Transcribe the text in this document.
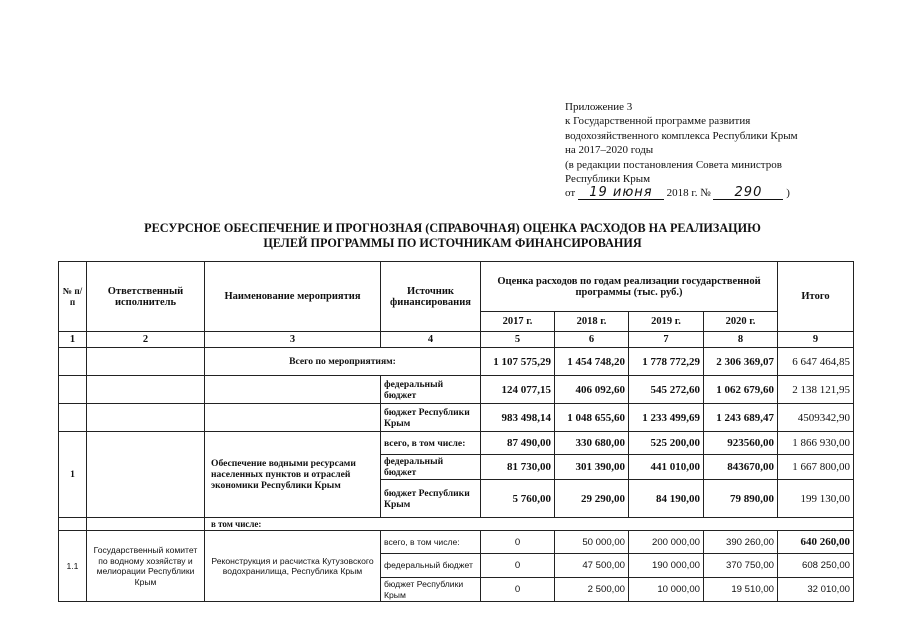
Приложение 3
к Государственной программе развития
водохозяйственного комплекса Республики Крым
на 2017–2020 годы
(в редакции постановления Совета министров
Республики Крым
от 19 июня 2018 г. № 290 )
РЕСУРСНОЕ ОБЕСПЕЧЕНИЕ И ПРОГНОЗНАЯ (СПРАВОЧНАЯ) ОЦЕНКА РАСХОДОВ НА РЕАЛИЗАЦИЮ
ЦЕЛЕЙ ПРОГРАММЫ ПО ИСТОЧНИКАМ ФИНАНСИРОВАНИЯ
№ п/п	Ответственный исполнитель	Наименование мероприятия	Источник финансирования	Оценка расходов по годам реализации государственной программы (тыс. руб.)				Итого
				2017 г.	2018 г.	2019 г.	2020 г.	
1	2	3	4	5	6	7	8	9
		Всего по мероприятиям:		1 107 575,29	1 454 748,20	1 778 772,29	2 306 369,07	6 647 464,85
			федеральный бюджет	124 077,15	406 092,60	545 272,60	1 062 679,60	2 138 121,95
			бюджет Республики Крым	983 498,14	1 048 655,60	1 233 499,69	1 243 689,47	4509342,90
1		Обеспечение водными ресурсами населенных пунктов и отраслей экономики Республики Крым	всего, в том числе:	87 490,00	330 680,00	525 200,00	923560,00	1 866 930,00
			федеральный бюджет	81 730,00	301 390,00	441 010,00	843670,00	1 667 800,00
			бюджет Республики Крым	5 760,00	29 290,00	84 190,00	79 890,00	199 130,00
		в том числе:						
1.1	Государственный комитет по водному хозяйству и мелиорации Республики Крым	Реконструкция и расчистка Кутузовского водохранилища, Республика Крым	всего, в том числе:	0	50 000,00	200 000,00	390 260,00	640 260,00
			федеральный бюджет	0	47 500,00	190 000,00	370 750,00	608 250,00
			бюджет Республики Крым	0	2 500,00	10 000,00	19 510,00	32 010,00
